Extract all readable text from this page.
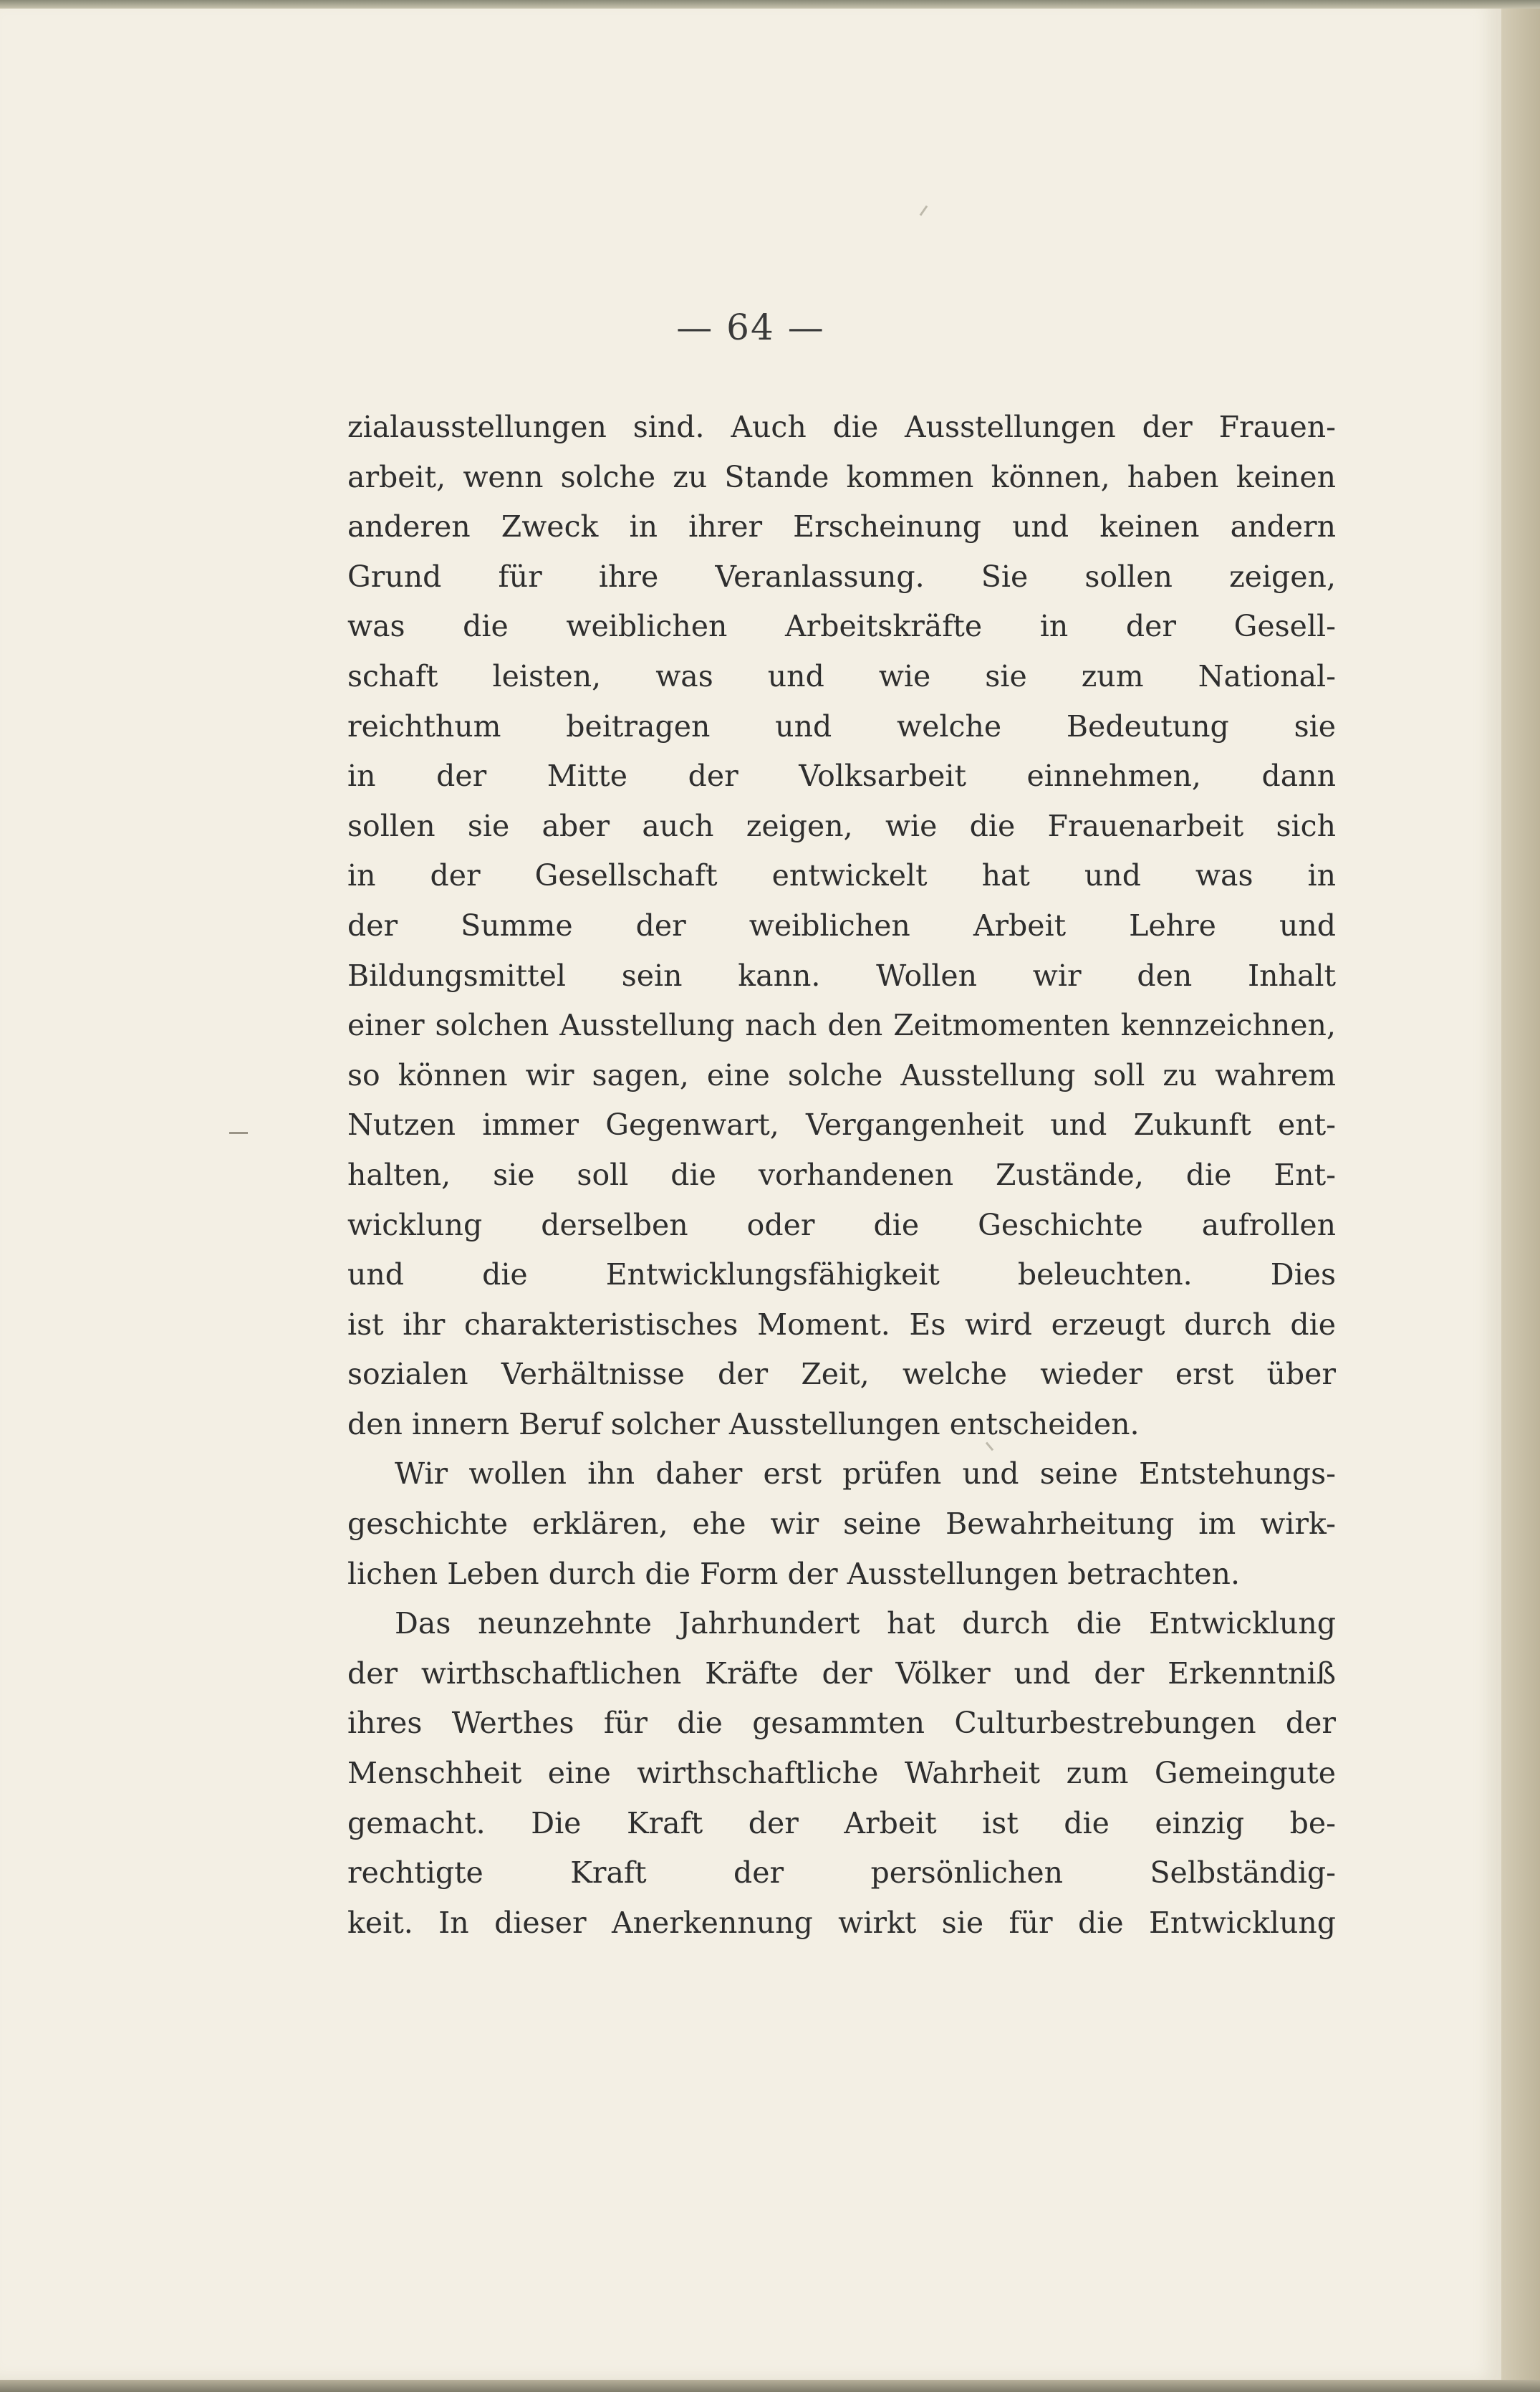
— 64 —
zialausstellungen sind. Auch die Ausstellungen der Frauen-
arbeit, wenn solche zu Stande kommen können, haben keinen
anderen Zweck in ihrer Erscheinung und keinen andern
Grund für ihre Veranlassung. Sie sollen zeigen,
was die weiblichen Arbeitskräfte in der Gesell-
schaft leisten, was und wie sie zum National-
reichthum beitragen und welche Bedeutung sie
in der Mitte der Volksarbeit einnehmen, dann
sollen sie aber auch zeigen, wie die Frauenarbeit sich
in der Gesellschaft entwickelt hat und was in
der Summe der weiblichen Arbeit Lehre und
Bildungsmittel sein kann. Wollen wir den Inhalt
einer solchen Ausstellung nach den Zeitmomenten kennzeichnen,
so können wir sagen, eine solche Ausstellung soll zu wahrem
Nutzen immer Gegenwart, Vergangenheit und Zukunft ent-
halten, sie soll die vorhandenen Zustände, die Ent-
wicklung derselben oder die Geschichte aufrollen
und die Entwicklungsfähigkeit beleuchten. Dies
ist ihr charakteristisches Moment. Es wird erzeugt durch die
sozialen Verhältnisse der Zeit, welche wieder erst über
den innern Beruf solcher Ausstellungen entscheiden.
Wir wollen ihn daher erst prüfen und seine Entstehungs-
geschichte erklären, ehe wir seine Bewahrheitung im wirk-
lichen Leben durch die Form der Ausstellungen betrachten.
Das neunzehnte Jahrhundert hat durch die Entwicklung
der wirthschaftlichen Kräfte der Völker und der Erkenntniß
ihres Werthes für die gesammten Culturbestrebungen der
Menschheit eine wirthschaftliche Wahrheit zum Gemeingute
gemacht. Die Kraft der Arbeit ist die einzig be-
rechtigte Kraft der persönlichen Selbständig-
keit. In dieser Anerkennung wirkt sie für die Entwicklung
